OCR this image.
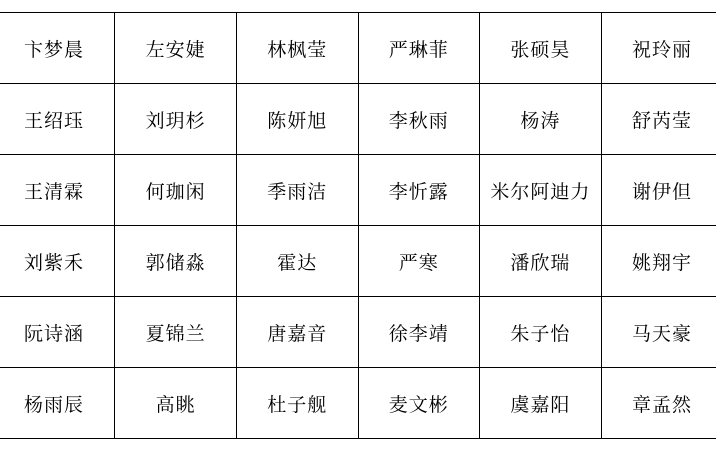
卞梦晨	左安婕	林枫莹	严琳菲	张硕昊	祝玲丽
王绍珏	刘玥杉	陈妍旭	李秋雨	杨涛	舒芮莹
王清霖	何珈闲	季雨洁	李忻露	米尔阿迪力	谢伊但
刘紫禾	郭储淼	霍达	严寒	潘欣瑞	姚翔宇
阮诗涵	夏锦兰	唐嘉音	徐李靖	朱子怡	马天豪
杨雨辰	高眺	杜子舰	麦文彬	虞嘉阳	章孟然
